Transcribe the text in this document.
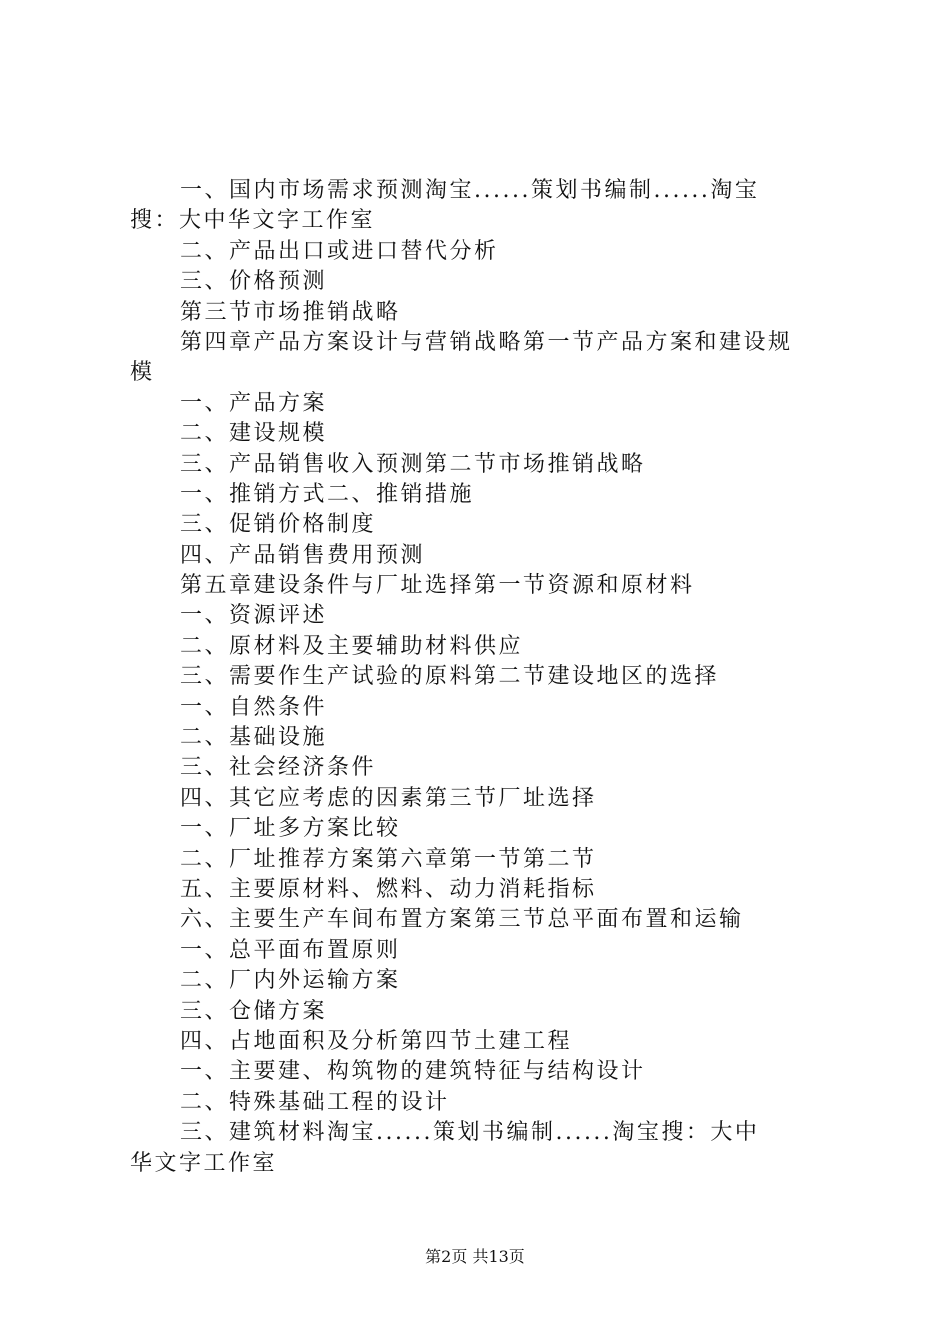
一、国内市场需求预测淘宝......策划书编制......淘宝
搜：大中华文字工作室
二、产品出口或进口替代分析
三、价格预测
第三节市场推销战略
第四章产品方案设计与营销战略第一节产品方案和建设规
模
一、产品方案
二、建设规模
三、产品销售收入预测第二节市场推销战略
一、推销方式二、推销措施
三、促销价格制度
四、产品销售费用预测
第五章建设条件与厂址选择第一节资源和原材料
一、资源评述
二、原材料及主要辅助材料供应
三、需要作生产试验的原料第二节建设地区的选择
一、自然条件
二、基础设施
三、社会经济条件
四、其它应考虑的因素第三节厂址选择
一、厂址多方案比较
二、厂址推荐方案第六章第一节第二节
五、主要原材料、燃料、动力消耗指标
六、主要生产车间布置方案第三节总平面布置和运输
一、总平面布置原则
二、厂内外运输方案
三、仓储方案
四、占地面积及分析第四节土建工程
一、主要建、构筑物的建筑特征与结构设计
二、特殊基础工程的设计
三、建筑材料淘宝......策划书编制......淘宝搜：大中
华文字工作室
第2页 共13页
